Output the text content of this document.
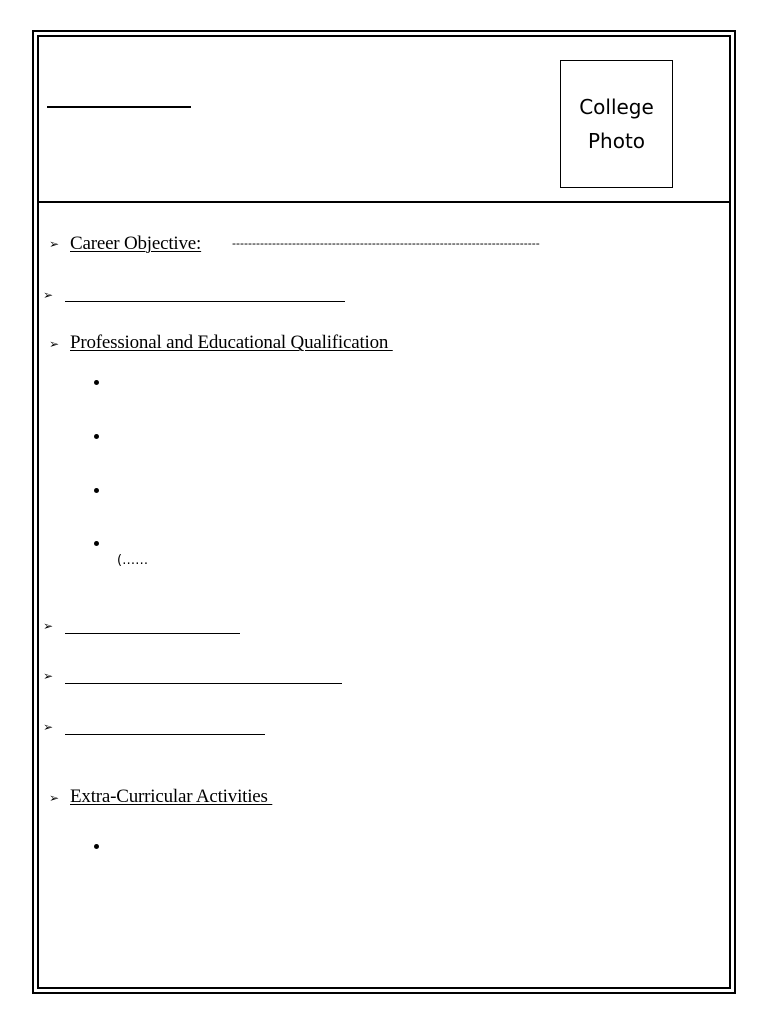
College
Photo
➢ Career Objective:	-----------------------------------------------------------------------------
➢
➢ Professional and Educational Qualification
(……
➢
➢
➢
➢ Extra-Curricular Activities
